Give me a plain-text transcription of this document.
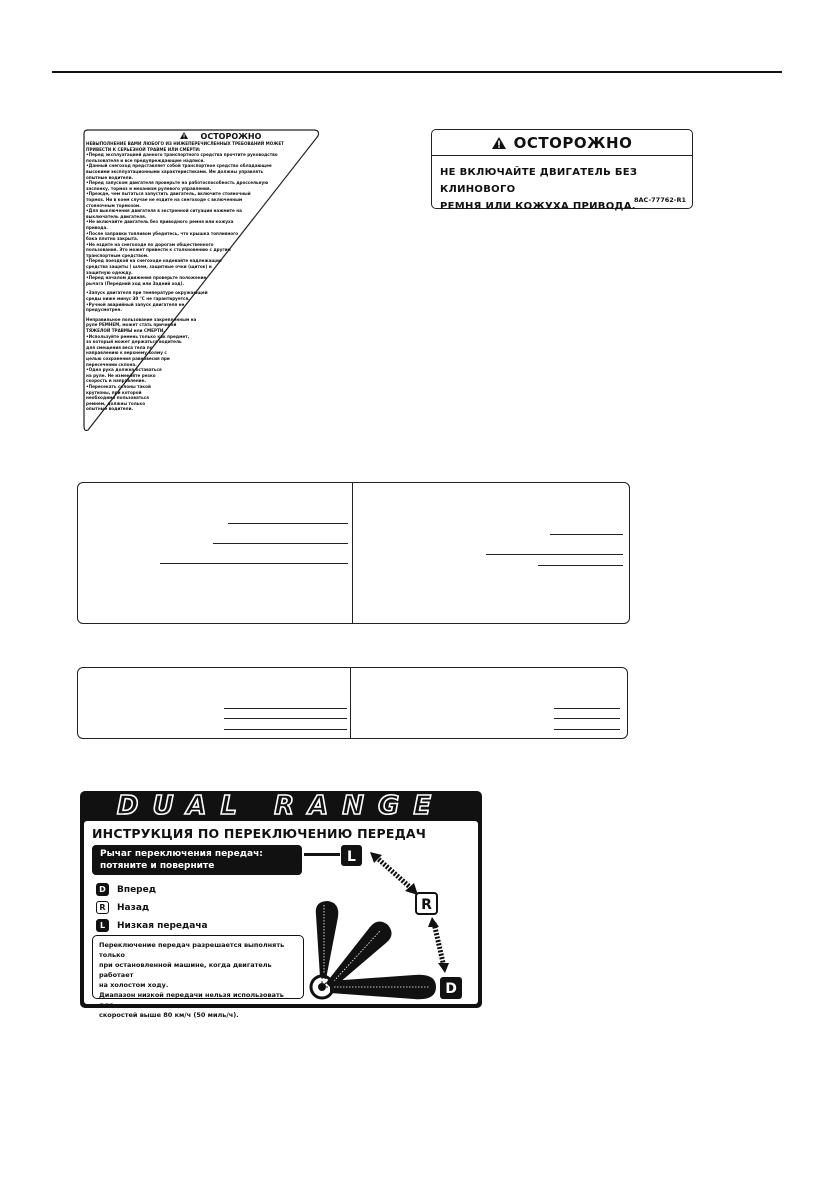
ОСТОРОЖНО

НЕВЫПОЛНЕНИЕ ВАМИ ЛЮБОГО ИЗ НИЖЕПЕРЕЧИСЛЕННЫХ ТРЕБОВАНИЙ МОЖЕТ

ПРИВЕСТИ К СЕРЬЕЗНОЙ ТРАВМЕ ИЛИ СМЕРТИ:

•Перед эксплуатацией данного транспортного средства прочтите руководство

пользователя и все предупреждающие надписи.

•Данный снегоход представляет собой транспортное средство обладающее

высокими эксплуатационными характеристиками. Им должны управлять

опытные водители.

•Перед запуском двигателя проверьте на работоспособность дроссельную

заслонку, тормоз и механизм рулевого управления.

•Прежде, чем пытаться запустить двигатель, включите стояночный

тормоз. Ни в коем случае не ездите на снегоходе с включенным

стояночным тормозом.

•Для выключения двигателя в экстренной ситуации нажмите на

выключатель двигателя.

•Не включайте двигатель без приводного ремня или кожуха

привода.

•После заправки топливом убедитесь, что крышка топливного

бака плотно закрыта.

•Не ездите на снегоходе по дорогам общественного

пользования. Это может привести к столкновению с другим

транспортным средством.

•Перед поездкой на снегоходе надевайте надлежащие

средства защиты ( шлем, защитные очки (щиток) и

защитную одежду.

•Перед началом движения проверьте положение

рычага (Передний ход или Задний ход).

•Запуск двигателя при температуре окружающей

среды ниже минус 30 °С не гарантируется.

•Ручной аварийный запуск двигателя не

предусмотрен.

Неправильное пользование закрепленным на

руле РЕМНЕМ, может стать причиной

ТЯЖЕЛОЙ ТРАВМЫ или СМЕРТИ.

•Используйте ремень только как предмет,

за который может держаться водитель

для смещения веса тела по

направлению к верхнему холму с

целью сохранения равновесия при

пересечении склона.

•Одна рука должна оставаться

на руле. Не изменяйте резко

скорость и направление.

•Пересекать склоны такой

крутизны, при которой

необходимо пользоваться

ремнем, должны только

опытные водители.

ОСТОРОЖНО
НЕ ВКЛЮЧАЙТЕ ДВИГАТЕЛЬ БЕЗ КЛИНОВОГО
РЕМНЯ ИЛИ КОЖУХА ПРИВОДА.
8AC-77762-R1
DUAL RANGE
ИНСТРУКЦИЯ ПО ПЕРЕКЛЮЧЕНИЮ ПЕРЕДАЧ
Рычаг переключения передач:
потяните и поверните
D	Вперед
R	Назад
L	Низкая передача

Переключение передач разрешается выполнять только

при остановленной машине, когда двигатель работает

на холостом ходу.

Диапазон низкой передачи нельзя использовать для

скоростей выше 80 км/ч (50 миль/ч).

L
R
D
